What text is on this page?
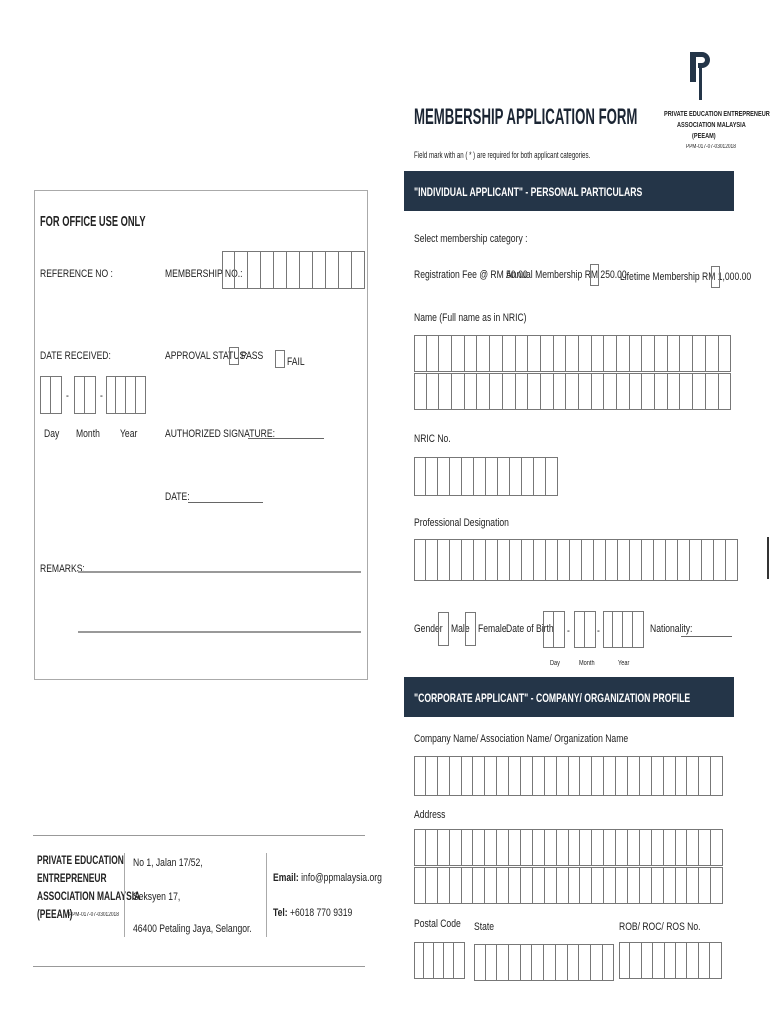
PRIVATE EDUCATION ENTREPRENEUR
ASSOCIATION MALAYSIA
(PEEAM)
PPM-017-07-03012018
MEMBERSHIP APPLICATION FORM
Field mark with an ( * ) are required for both applicant categories.
"INDIVIDUAL APPLICANT" - PERSONAL PARTICULARS
FOR OFFICE USE ONLY
REFERENCE NO :	MEMBERSHIP NO.:
DATE RECEIVED:	APPROVAL STATUS:
PASS FAIL
-	-
Day Month Year	AUTHORIZED SIGNATURE:
DATE:
REMARKS:
Select membership category :
Registration Fee @ RM 50.00
Annual Membership RM 250.00
Lifetime Membership RM 1,000.00
Name (Full name as in NRIC)
NRIC No.
Professional Designation
Gender Male Female Date of Birth - -	Nationality:
Day	Month	Year
"CORPORATE APPLICANT" - COMPANY/ ORGANIZATION PROFILE
Company Name/ Association Name/ Organization Name
Address
Postal Code State	ROB/ ROC/ ROS No.
PRIVATE EDUCATION
ENTREPRENEUR
ASSOCIATION MALAYSIA
(PEEAM)
PPM-017-07-03012018
No 1, Jalan 17/52,
Seksyen 17,
46400 Petaling Jaya, Selangor.
Email: info@ppmalaysia.org
Tel: +6018 770 9319
